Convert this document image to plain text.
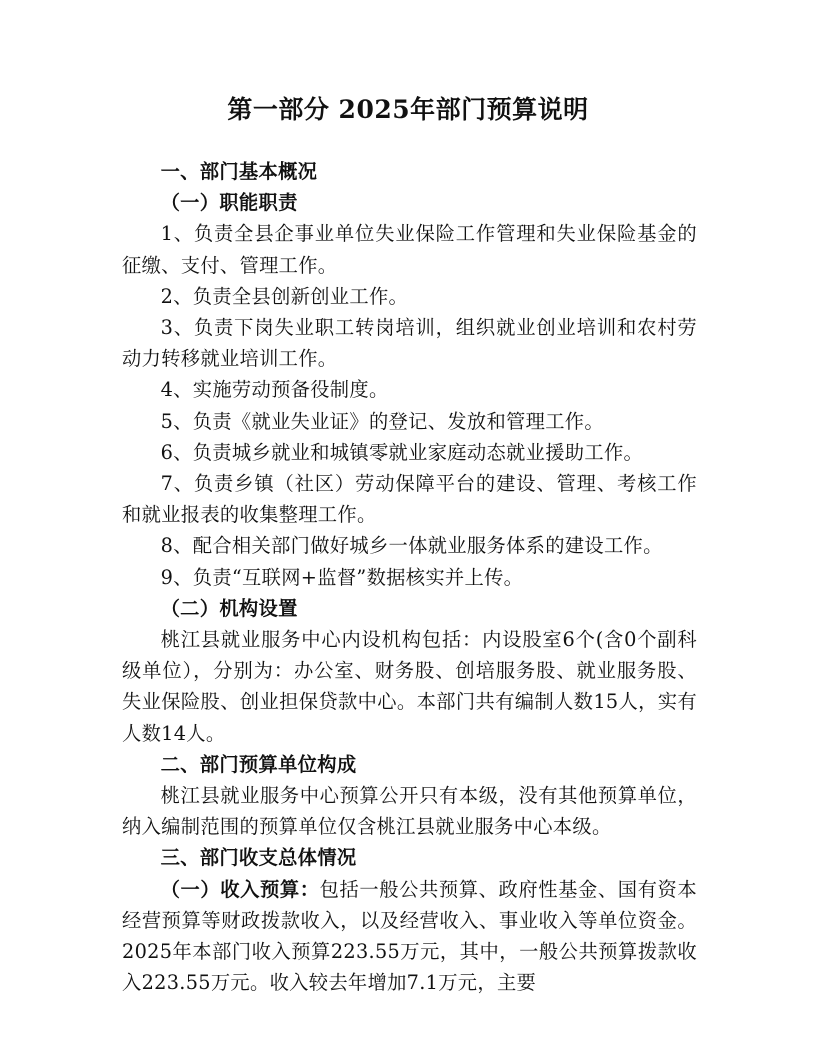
第一部分 2025年部门预算说明

一、部门基本概况

（一）职能职责

1、负责全县企事业单位失业保险工作管理和失业保险基金的征缴、支付、管理工作。

2、负责全县创新创业工作。

3、负责下岗失业职工转岗培训，组织就业创业培训和农村劳动力转移就业培训工作。

4、实施劳动预备役制度。

5、负责《就业失业证》的登记、发放和管理工作。

6、负责城乡就业和城镇零就业家庭动态就业援助工作。

7、负责乡镇（社区）劳动保障平台的建设、管理、考核工作和就业报表的收集整理工作。

8、配合相关部门做好城乡一体就业服务体系的建设工作。

9、负责“互联网+监督”数据核实并上传。

（二）机构设置

桃江县就业服务中心内设机构包括：内设股室6个(含0个副科级单位），分别为：办公室、财务股、创培服务股、就业服务股、失业保险股、创业担保贷款中心。本部门共有编制人数15人，实有人数14人。

二、部门预算单位构成

桃江县就业服务中心预算公开只有本级，没有其他预算单位，纳入编制范围的预算单位仅含桃江县就业服务中心本级。

三、部门收支总体情况

（一）收入预算：包括一般公共预算、政府性基金、国有资本经营预算等财政拨款收入，以及经营收入、事业收入等单位资金。2025年本部门收入预算223.55万元，其中，一般公共预算拨款收入223.55万元。收入较去年增加7.1万元，主要
